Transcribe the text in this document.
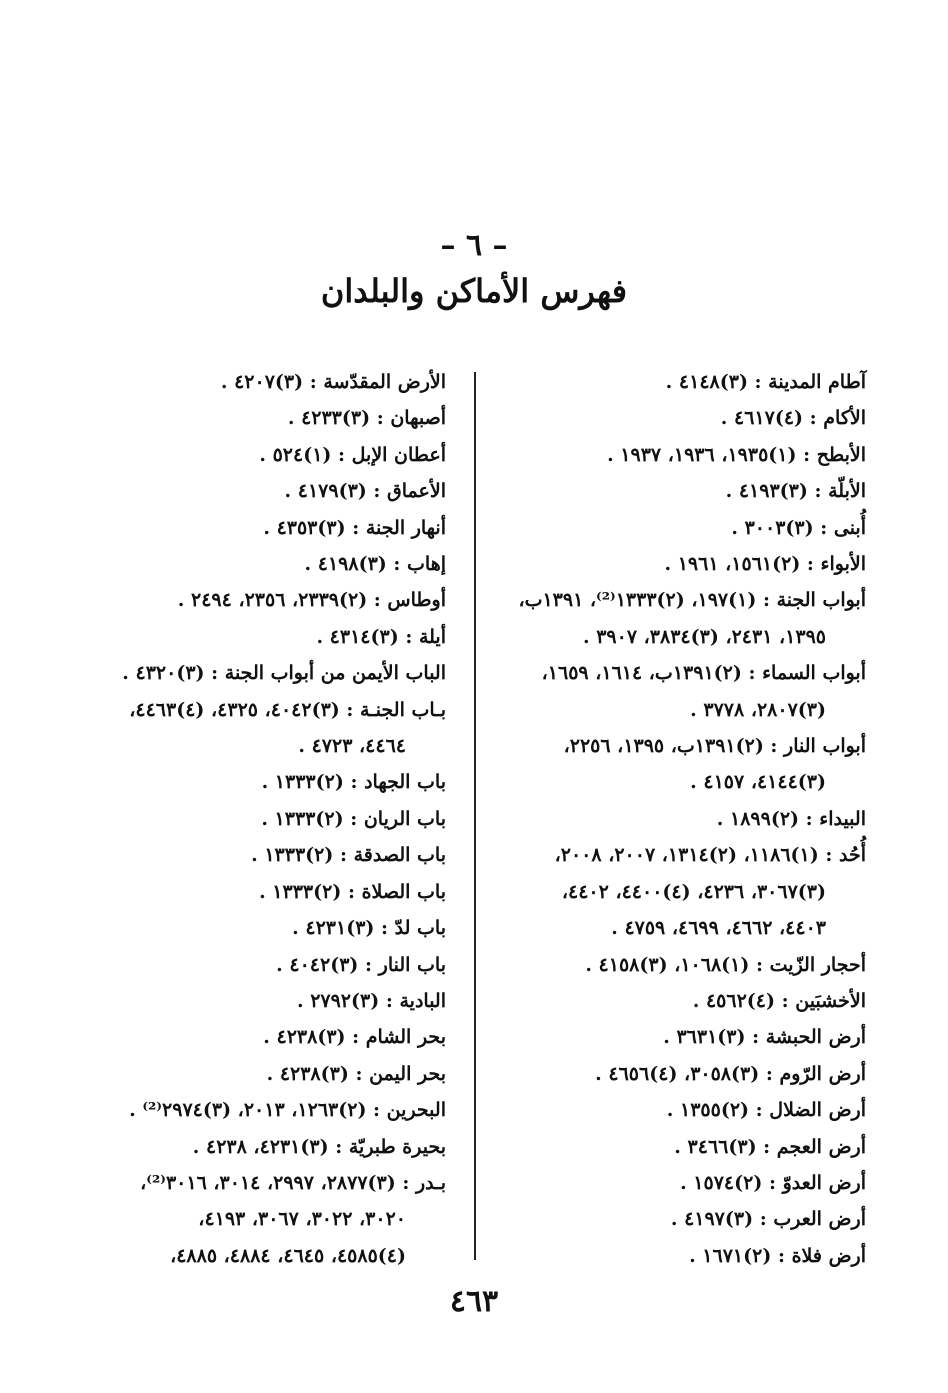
– ٦ –
فهرس الأماكن والبلدان
آطام المدينة : (٣)٤١٤٨ .
الأكام : (٤)٤٦١٧ .
الأبطح : (١)١٩٣٥، ١٩٣٦، ١٩٣٧ .
الأبلّة : (٣)٤١٩٣ .
أُبنى : (٣)٣٠٠٣ .
الأبواء : (٢)١٥٦١، ١٩٦١ .
أبواب الجنة : (١)١٩٧، (٢)١٣٣٣⁽²⁾، ١٣٩١ب،
١٣٩٥، ٢٤٣١، (٣)٣٨٣٤، ٣٩٠٧ .
أبواب السماء : (٢)١٣٩١ب، ١٦١٤، ١٦٥٩،
(٣)٢٨٠٧، ٣٧٧٨ .
أبواب النار : (٢)١٣٩١ب، ١٣٩٥، ٢٢٥٦،
(٣)٤١٤٤، ٤١٥٧ .
البيداء : (٢)١٨٩٩ .
أُحُد : (١)١١٨٦، (٢)١٣١٤، ٢٠٠٧، ٢٠٠٨،
(٣)٣٠٦٧، ٤٢٣٦، (٤)٤٤٠٠، ٤٤٠٢،
٤٤٠٣، ٤٦٦٢، ٤٦٩٩، ٤٧٥٩ .
أحجار الزّيت : (١)١٠٦٨، (٣)٤١٥٨ .
الأخشبَين : (٤)٤٥٦٢ .
أرض الحبشة : (٣)٣٦٣١ .
أرض الرّوم : (٣)٣٠٥٨، (٤)٤٦٥٦ .
أرض الضلال : (٢)١٣٥٥ .
أرض العجم : (٣)٣٤٦٦ .
أرض العدوّ : (٢)١٥٧٤ .
أرض العرب : (٣)٤١٩٧ .
أرض فلاة : (٢)١٦٧١ .
الأرض المقدّسة : (٣)٤٢٠٧ .
أصبهان : (٣)٤٢٣٣ .
أعطان الإبل : (١)٥٢٤ .
الأعماق : (٣)٤١٧٩ .
أنهار الجنة : (٣)٤٣٥٣ .
إهاب : (٣)٤١٩٨ .
أوطاس : (٢)٢٣٣٩، ٢٣٥٦، ٢٤٩٤ .
أيلة : (٣)٤٣١٤ .
الباب الأيمن من أبواب الجنة : (٣)٤٣٢٠ .
بـاب الجنـة : (٣)٤٠٤٢، ٤٣٢٥، (٤)٤٤٦٣،
٤٤٦٤، ٤٧٢٣ .
باب الجهاد : (٢)١٣٣٣ .
باب الريان : (٢)١٣٣٣ .
باب الصدقة : (٢)١٣٣٣ .
باب الصلاة : (٢)١٣٣٣ .
باب لدّ : (٣)٤٢٣١ .
باب النار : (٣)٤٠٤٢ .
البادية : (٣)٢٧٩٢ .
بحر الشام : (٣)٤٢٣٨ .
بحر اليمن : (٣)٤٢٣٨ .
البحرين : (٢)١٢٦٣، ٢٠١٣، (٣)٢٩٧٤⁽²⁾ .
بحيرة طبريّة : (٣)٤٢٣١، ٤٢٣٨ .
بـدر : (٣)٢٨٧٧، ٢٩٩٧، ٣٠١٤، ٣٠١٦⁽²⁾،
٣٠٢٠، ٣٠٢٢، ٣٠٦٧، ٤١٩٣،
(٤)٤٥٨٥، ٤٦٤٥، ٤٨٨٤، ٤٨٨٥،
٤٦٣
